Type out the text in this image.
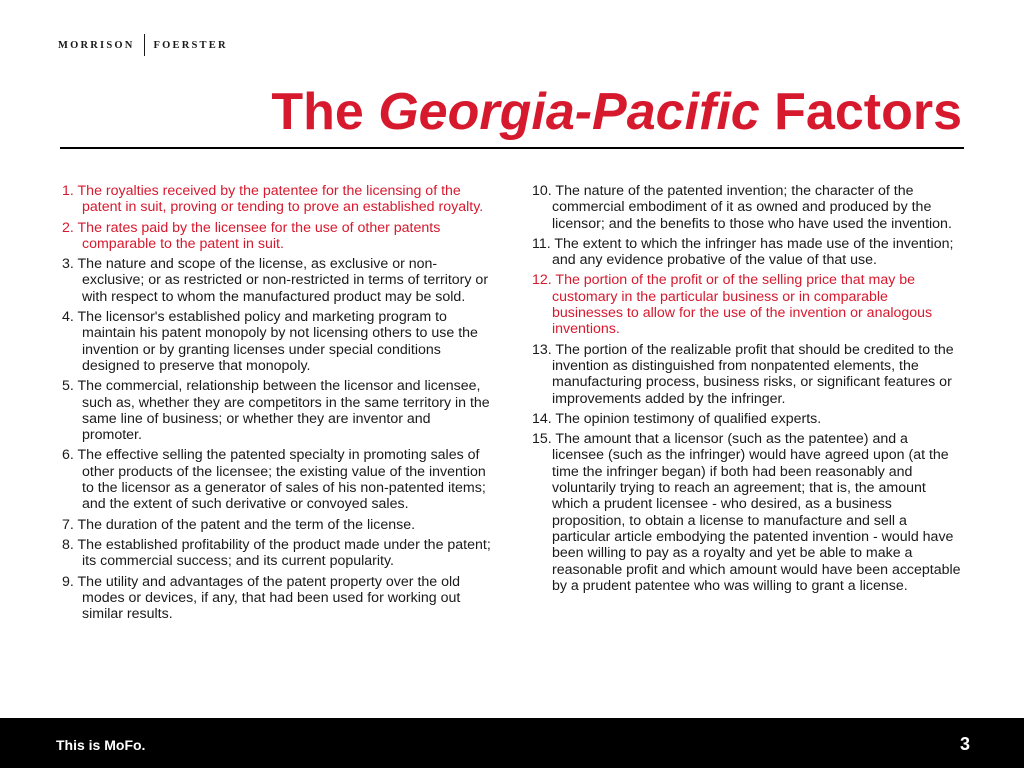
MORRISON FOERSTER
The Georgia-Pacific Factors
1. The royalties received by the patentee for the licensing of the patent in suit, proving or tending to prove an established royalty.
2. The rates paid by the licensee for the use of other patents comparable to the patent in suit.
3. The nature and scope of the license, as exclusive or non-exclusive; or as restricted or non-restricted in terms of territory or with respect to whom the manufactured product may be sold.
4. The licensor's established policy and marketing program to maintain his patent monopoly by not licensing others to use the invention or by granting licenses under special conditions designed to preserve that monopoly.
5. The commercial, relationship between the licensor and licensee, such as, whether they are competitors in the same territory in the same line of business; or whether they are inventor and promoter.
6. The effective selling the patented specialty in promoting sales of other products of the licensee; the existing value of the invention to the licensor as a generator of sales of his non-patented items; and the extent of such derivative or convoyed sales.
7. The duration of the patent and the term of the license.
8. The established profitability of the product made under the patent; its commercial success; and its current popularity.
9. The utility and advantages of the patent property over the old modes or devices, if any, that had been used for working out similar results.
10. The nature of the patented invention; the character of the commercial embodiment of it as owned and produced by the licensor; and the benefits to those who have used the invention.
11. The extent to which the infringer has made use of the invention; and any evidence probative of the value of that use.
12. The portion of the profit or of the selling price that may be customary in the particular business or in comparable businesses to allow for the use of the invention or analogous inventions.
13. The portion of the realizable profit that should be credited to the invention as distinguished from nonpatented elements, the manufacturing process, business risks, or significant features or improvements added by the infringer.
14. The opinion testimony of qualified experts.
15. The amount that a licensor (such as the patentee) and a licensee (such as the infringer) would have agreed upon (at the time the infringer began) if both had been reasonably and voluntarily trying to reach an agreement; that is, the amount which a prudent licensee - who desired, as a business proposition, to obtain a license to manufacture and sell a particular article embodying the patented invention - would have been willing to pay as a royalty and yet be able to make a reasonable profit and which amount would have been acceptable by a prudent patentee who was willing to grant a license.
This is MoFo.	3
